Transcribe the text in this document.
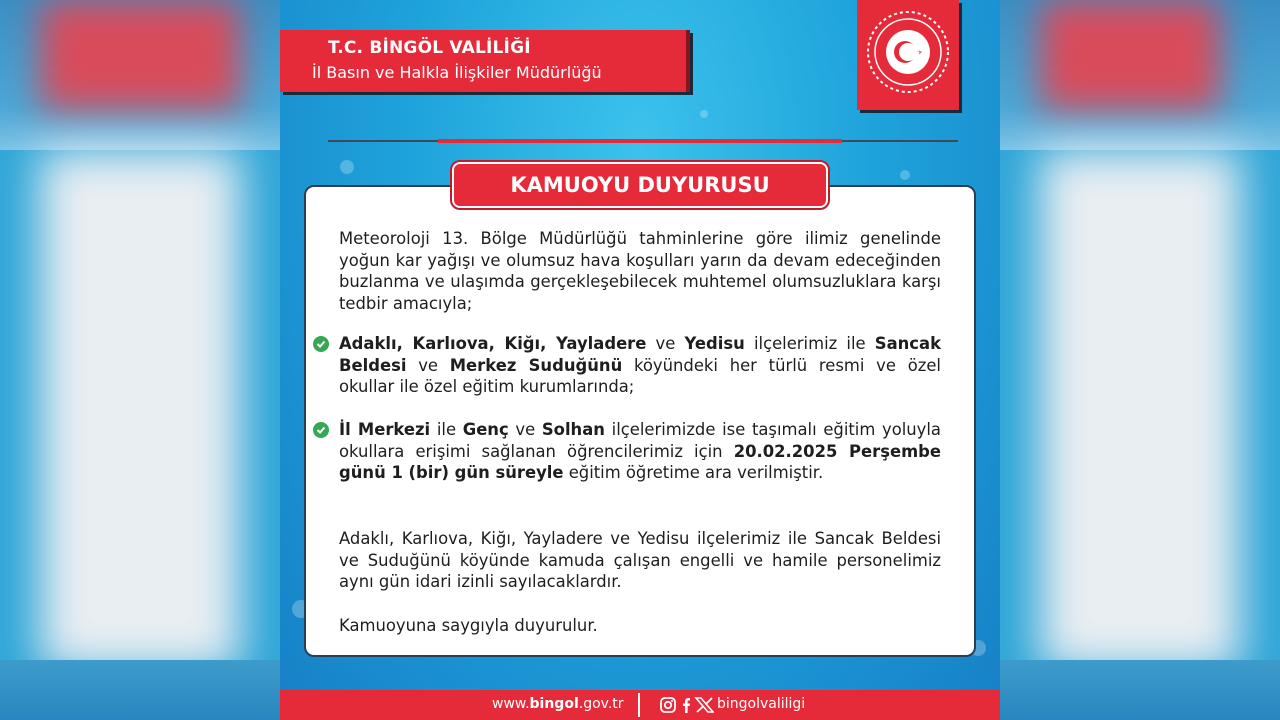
T.C. BİNGÖL VALİLİĞİ
İl Basın ve Halkla İlişkiler Müdürlüğü
KAMUOYU DUYURUSU
Meteoroloji 13. Bölge Müdürlüğü tahminlerine göre ilimiz genelinde yoğun kar yağışı ve olumsuz hava koşulları yarın da devam edeceğinden buzlanma ve ulaşımda gerçekleşebilecek muhtemel olumsuzluklara karşı tedbir amacıyla;
Adaklı, Karlıova, Kiğı, Yayladere ve Yedisu ilçelerimiz ile Sancak Beldesi ve Merkez Suduğünü köyündeki her türlü resmi ve özel okullar ile özel eğitim kurumlarında;
İl Merkezi ile Genç ve Solhan ilçelerimizde ise taşımalı eğitim yoluyla okullara erişimi sağlanan öğrencilerimiz için 20.02.2025 Perşembe günü 1 (bir) gün süreyle eğitim öğretime ara verilmiştir.
Adaklı, Karlıova, Kiğı, Yayladere ve Yedisu ilçelerimiz ile Sancak Beldesi ve Suduğünü köyünde kamuda çalışan engelli ve hamile personelimiz aynı gün idari izinli sayılacaklardır.
Kamuoyuna saygıyla duyurulur.
www.bingol.gov.tr	bingolvaliligi
